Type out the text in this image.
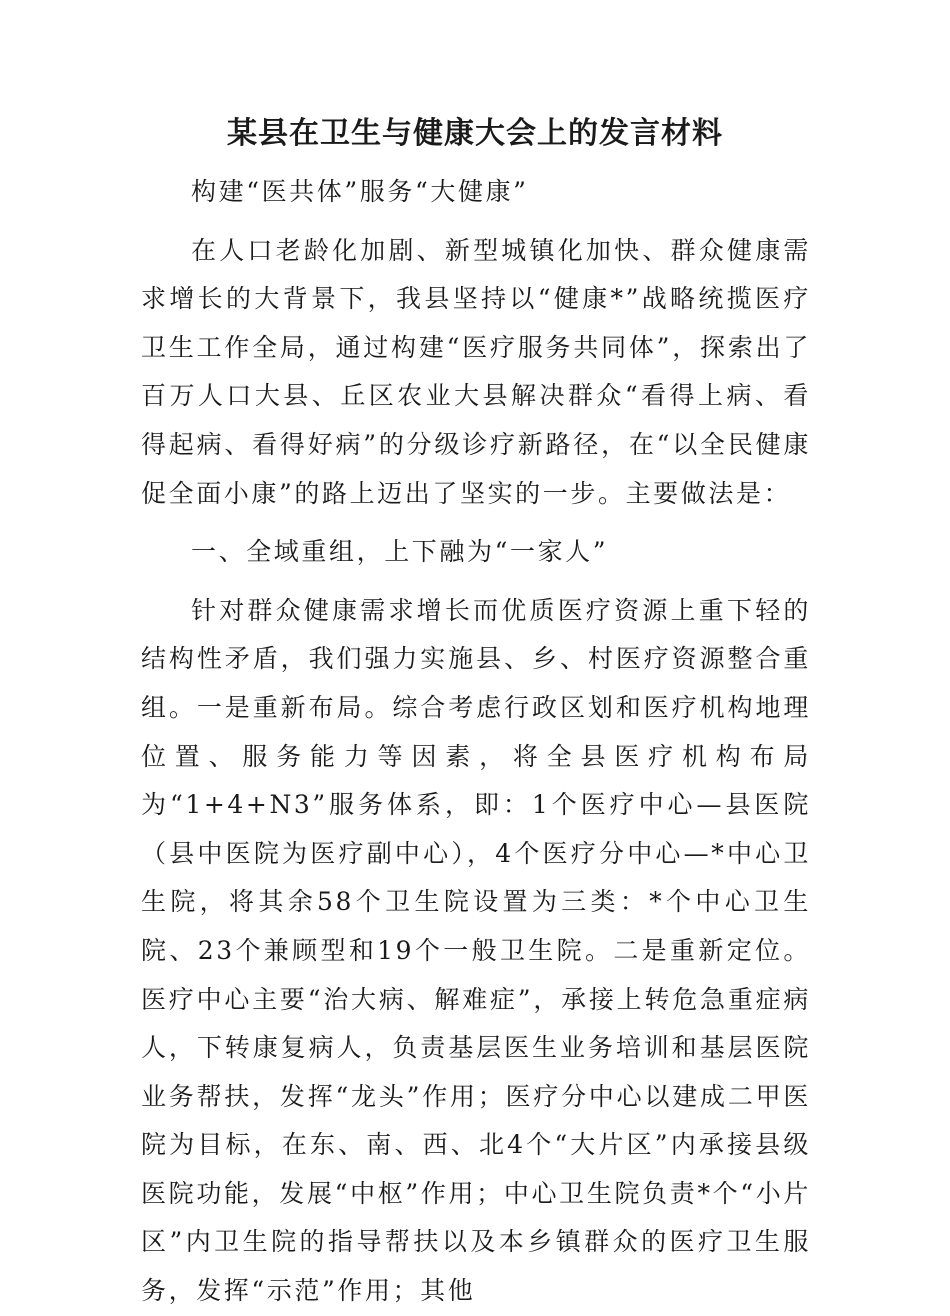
某县在卫生与健康大会上的发言材料
构建“医共体”服务“大健康”

在人口老龄化加剧、新型城镇化加快、群众健康需求增长的大背景下，我县坚持以“健康*”战略统揽医疗卫生工作全局，通过构建“医疗服务共同体”，探索出了百万人口大县、丘区农业大县解决群众“看得上病、看得起病、看得好病”的分级诊疗新路径，在“以全民健康促全面小康”的路上迈出了坚实的一步。主要做法是：

一、全域重组，上下融为“一家人”

针对群众健康需求增长而优质医疗资源上重下轻的结构性矛盾，我们强力实施县、乡、村医疗资源整合重组。一是重新布局。综合考虑行政区划和医疗机构地理位置、服务能力等因素，将全县医疗机构布局为“1+4+N3”服务体系，即：1个医疗中心—县医院（县中医院为医疗副中心），4个医疗分中心—*中心卫生院，将其余58个卫生院设置为三类：*个中心卫生院、23个兼顾型和19个一般卫生院。二是重新定位。医疗中心主要“治大病、解难症”，承接上转危急重症病人，下转康复病人，负责基层医生业务培训和基层医院业务帮扶，发挥“龙头”作用；医疗分中心以建成二甲医院为目标，在东、南、西、北4个“大片区”内承接县级医院功能，发展“中枢”作用；中心卫生院负责*个“小片区”内卫生院的指导帮扶以及本乡镇群众的医疗卫生服务，发挥“示范”作用；其他
